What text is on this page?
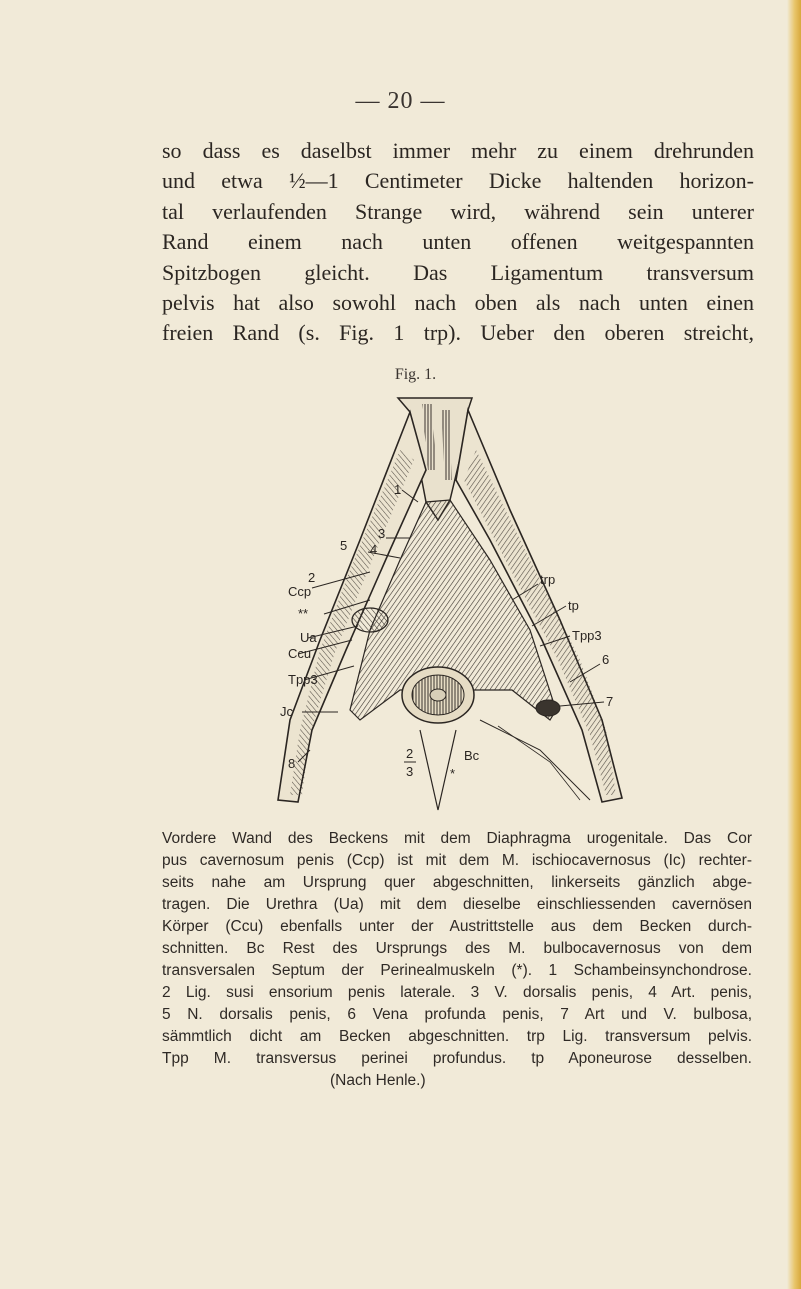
— 20 —
so dass es daselbst immer mehr zu einem drehrunden
und etwa ½—1 Centimeter Dicke haltenden horizon-
tal verlaufenden Strange wird, während sein unterer
Rand einem nach unten offenen weitgespannten
Spitzbogen gleicht. Das Ligamentum transversum
pelvis hat also sowohl nach oben als nach unten einen
freien Rand (s. Fig. 1 trp). Ueber den oberen streicht,
Fig. 1.
1
3
5 4
2
Ccp
**
Ua
Ccu
Tpp3
Jc
8
trp
tp
Tpp3
6
7
2
3
Bc
*
Vordere Wand des Beckens mit dem Diaphragma urogenitale. Das Cor
pus cavernosum penis (Ccp) ist mit dem M. ischiocavernosus (Ic) rechter-
seits nahe am Ursprung quer abgeschnitten, linkerseits gänzlich abge-
tragen. Die Urethra (Ua) mit dem dieselbe einschliessenden cavernösen
Körper (Ccu) ebenfalls unter der Austrittstelle aus dem Becken durch-
schnitten. Bc Rest des Ursprungs des M. bulbocavernosus von dem
transversalen Septum der Perinealmuskeln (*). 1 Schambeinsynchondrose.
2 Lig. susi ensorium penis laterale. 3 V. dorsalis penis, 4 Art. penis,
5 N. dorsalis penis, 6 Vena profunda penis, 7 Art und V. bulbosa,
sämmtlich dicht am Becken abgeschnitten. trp Lig. transversum pelvis.
Tpp M. transversus perinei profundus. tp Aponeurose desselben.
(Nach Henle.)
